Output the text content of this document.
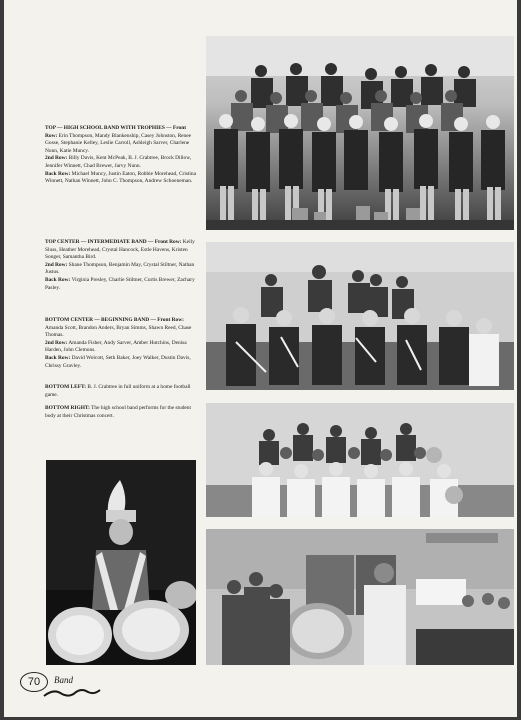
TOP — HIGH SCHOOL BAND WITH TROPHIES — Front Row: Erin Thompson, Mandy Blankenship, Casey Johnston, Renee Gosse, Stephanie Kelley, Leslie Carroll, Ashleigh Sarver, Charlene Nunn, Katie Muncy.

2nd Row: Billy Davis, Kent McPeak, B. J. Crabtree, Brock Dillow, Jennifer Winnett, Chad Brewer, Jarvy Nunn.

Back Row: Michael Muncy, Justin Eaton, Robbie Morehead, Cristina Winnett, Nathan Winnett, John C. Thompson, Andrew Schoeneman.

TOP CENTER — INTERMEDIATE BAND — Front Row: Kelly Sluss, Heather Morehead, Crystal Hancock, Estle Havens, Kristen Songer, Samantha Bird.

2nd Row: Shane Thompson, Benjamin May, Crystal Stiltner, Nathan Justus.

Back Row: Virginia Presley, Charlie Stiltner, Curtis Brewer, Zachary Pasley.

BOTTOM CENTER — BEGINNING BAND — Front Row: Amanda Scott, Brandon Anders, Bryan Simms, Shawn Reed, Chase Thomas.

2nd Row: Amanda Fisher, Andy Sarver, Amber Hutchins, Denisa Harden, John Clemons.

Back Row: David Wolcott, Seth Baker, Joey Walker, Dustin Davis, Chrissy Gravley.

BOTTOM LEFT: B. J. Crabtree in full uniform at a home football game.

BOTTOM RIGHT: The high school band performs for the student body at their Christmas concert.

70	Band
